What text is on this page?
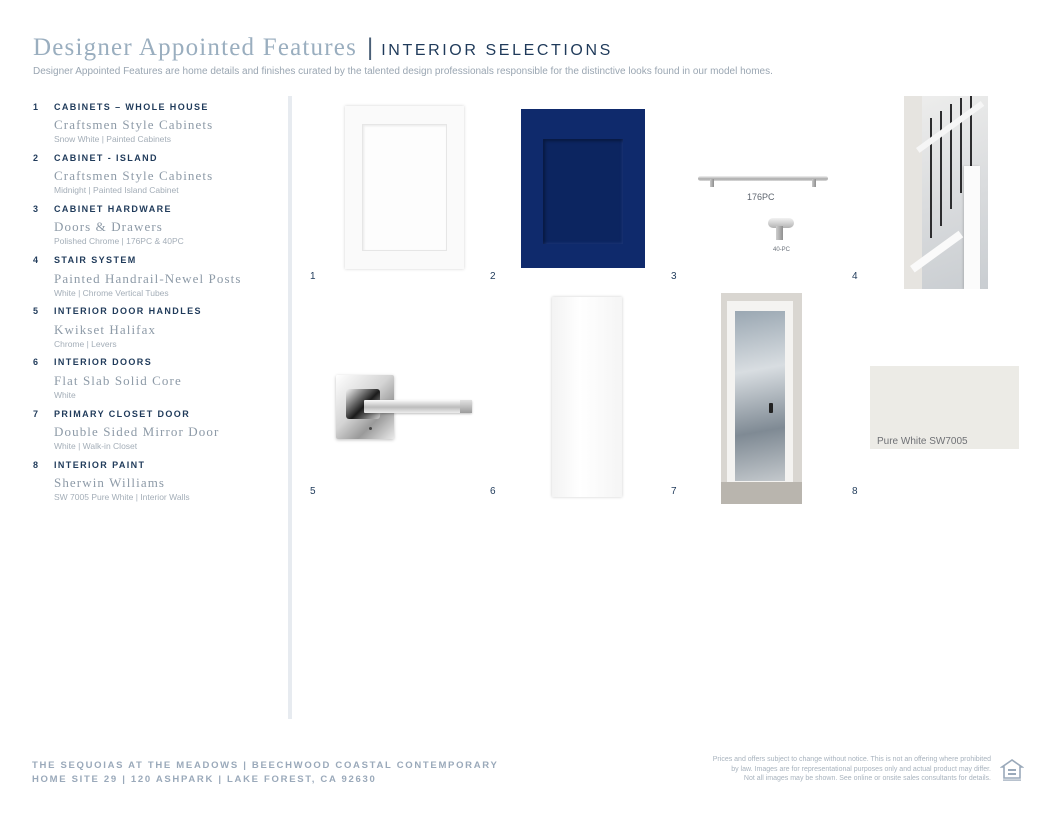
Designer Appointed Features | INTERIOR SELECTIONS
Designer Appointed Features are home details and finishes curated by the talented design professionals responsible for the distinctive looks found in our model homes.
1	CABINETS – WHOLE HOUSE
Craftsmen Style Cabinets
Snow White | Painted Cabinets
2	CABINET - ISLAND
Craftsmen Style Cabinets
Midnight | Painted Island Cabinet
3	CABINET HARDWARE
Doors & Drawers
Polished Chrome | 176PC & 40PC
4	STAIR SYSTEM
Painted Handrail-Newel Posts
White | Chrome Vertical Tubes
5	INTERIOR DOOR HANDLES
Kwikset Halifax
Chrome | Levers
6	INTERIOR DOORS
Flat Slab Solid Core
White
7	PRIMARY CLOSET DOOR
Double Sided Mirror Door
White | Walk-in Closet
8	INTERIOR PAINT
Sherwin Williams
SW 7005 Pure White | Interior Walls
1	2	3	4
5	6	7	8
176PC
40-PC
Pure White SW7005
THE SEQUOIAS AT THE MEADOWS | BEECHWOOD COASTAL CONTEMPORARY
HOME SITE 29 | 120 ASHPARK | LAKE FOREST, CA 92630
Prices and offers subject to change without notice. This is not an offering where prohibited
by law. Images are for representational purposes only and actual product may differ.
Not all images may be shown. See online or onsite sales consultants for details.
